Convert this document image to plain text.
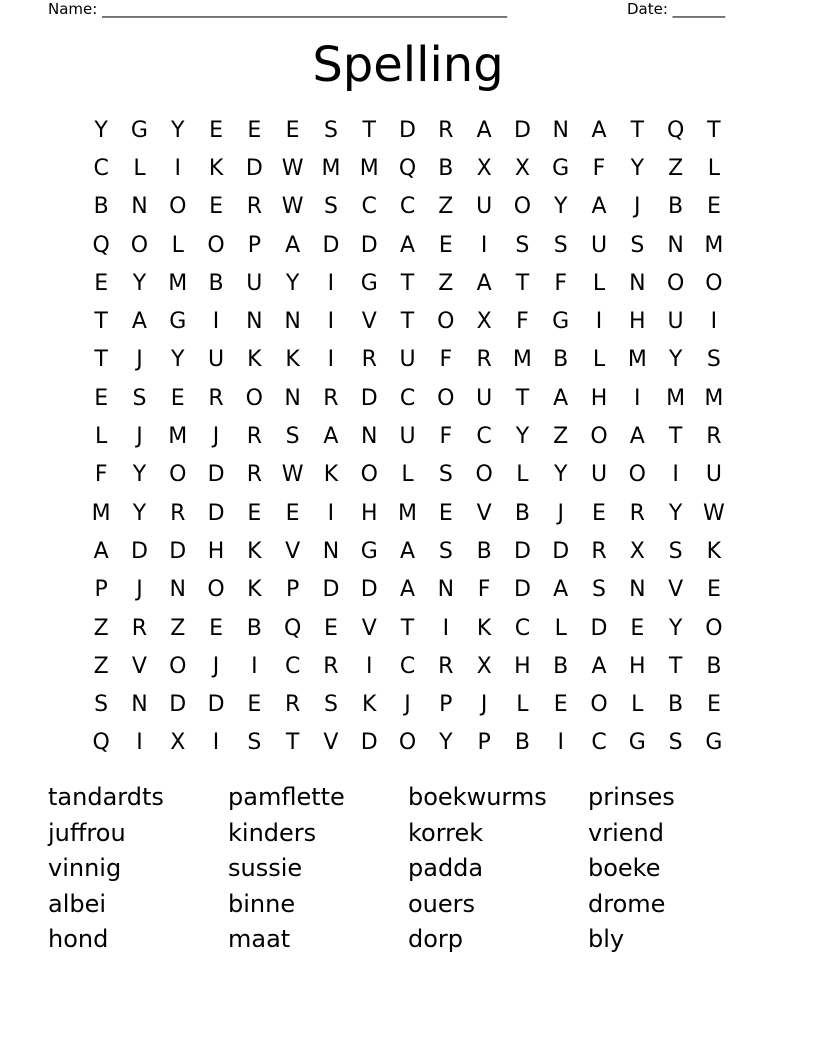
Name: ______________________________________________________	Date: _______
Spelling
Y	G	Y	E	E	E	S	T	D	R	A	D N	A	T	Q	T
C	L	I	K	D W M M Q	B	X	X	G	F	Y	Z	L
B	N O	E	R W S	C	C	Z	U O	Y	A	J	B	E
Q O	L	O	P	A	D D	A	E	I	S	S	U	S	N M
E	Y	M B	U	Y	I	G	T	Z	A	T	F	L	N O O
T	A	G	I	N N	I	V	T	O	X	F	G	I	H U	I
T	J	Y	U	K	K	I	R	U	F	R M B	L	M	Y	S
E	S	E	R O N	R	D	C O U	T	A	H	I	M M
L	J	M	J	R	S	A	N	U	F	C	Y	Z	O	A	T	R
F	Y	O D	R W K	O	L	S	O	L	Y	U O	I	U
M	Y	R	D	E	E	I	H M E	V	B	J	E	R	Y W
A	D D H	K	V	N G	A	S	B	D D	R	X	S	K
P	J	N O	K	P	D D	A	N	F	D	A	S	N	V	E
Z	R	Z	E	B	Q	E	V	T	I	K	C	L	D	E	Y	O
Z	V	O	J	I	C	R	I	C	R	X	H	B	A	H	T	B
S	N D D	E	R	S	K	J	P	J	L	E	O	L	B	E
Q	I	X	I	S	T	V	D O	Y	P	B	I	C	G	S	G
tandardts	pamflette	boekwurms	prinses
juffrou	kinders	korrek	vriend
vinnig	sussie	padda	boeke
albei	binne	ouers	drome
hond	maat	dorp	bly
